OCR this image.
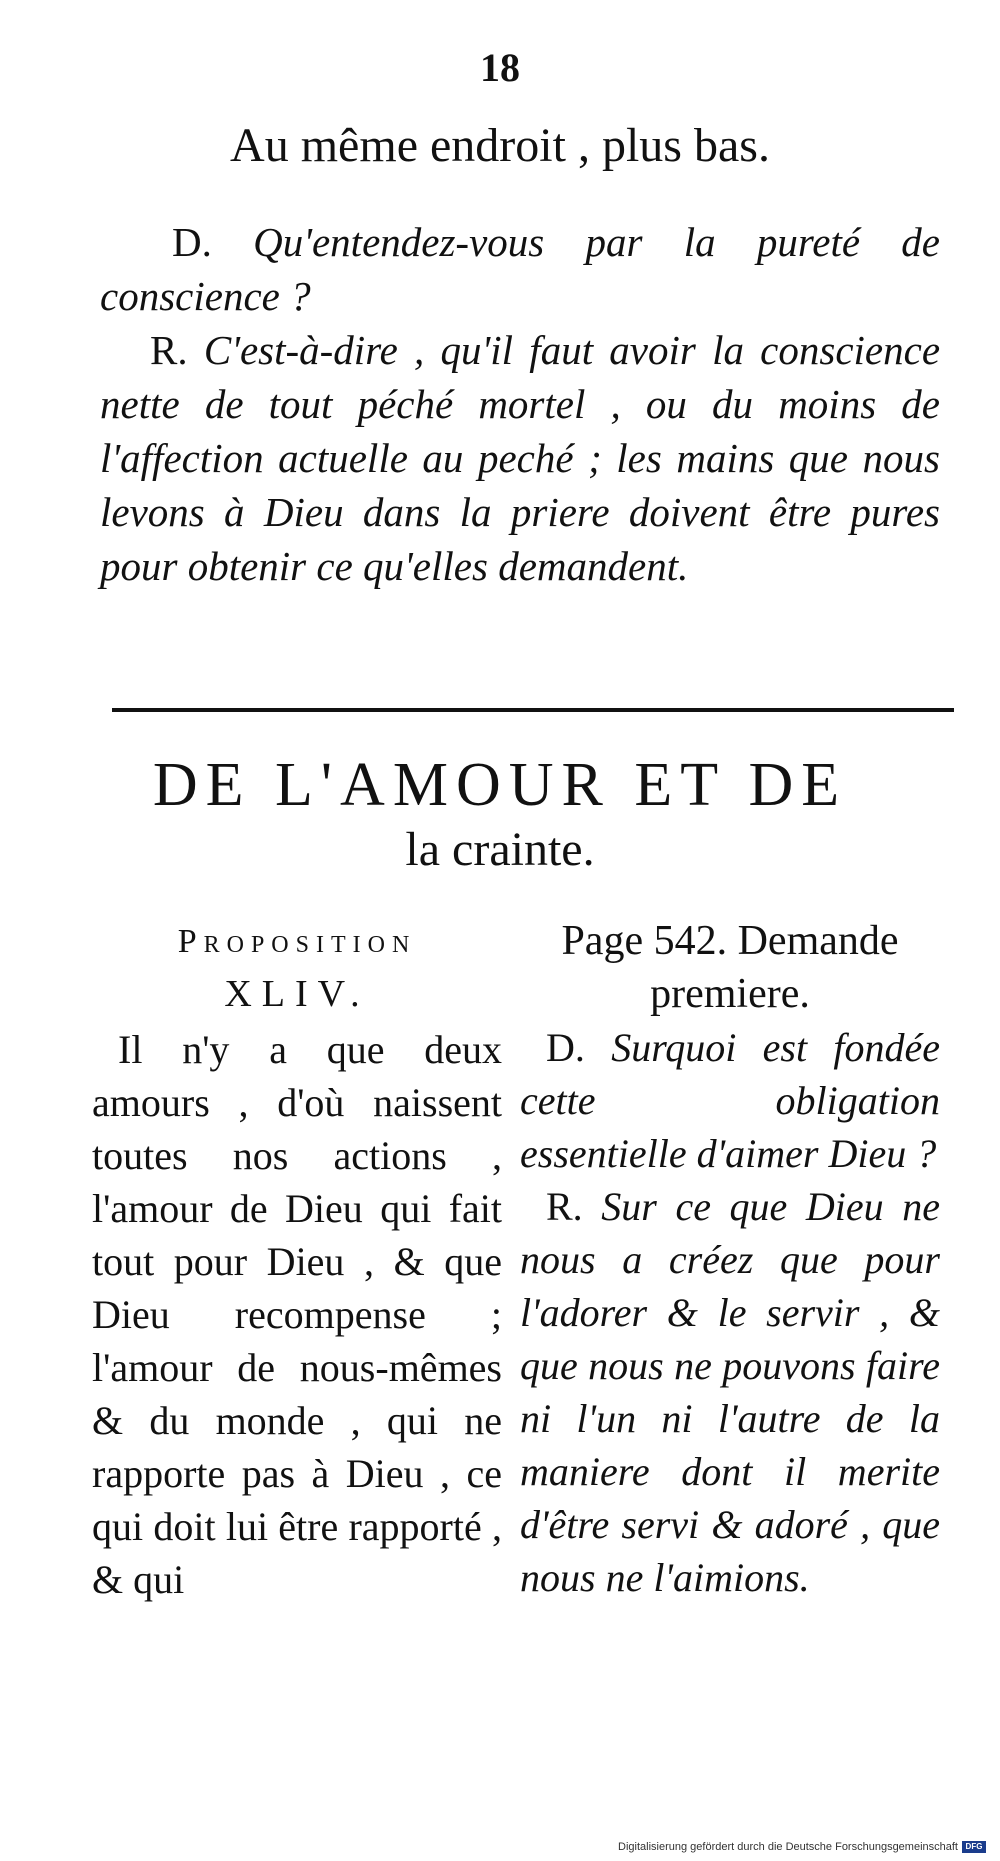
18
Au même endroit , plus bas.

D. Qu'entendez-vous par la pureté de conscience ?

R. C'est-à-dire , qu'il faut avoir la conscience nette de tout péché mortel , ou du moins de l'affection actuelle au peché ; les mains que nous levons à Dieu dans la priere doivent être pures pour obtenir ce qu'elles demandent.

DE L'AMOUR ET DE
la crainte.
Proposition
XLIV.

Il n'y a que deux amours , d'où naissent toutes nos actions , l'amour de Dieu qui fait tout pour Dieu , & que Dieu recompense ; l'amour de nous-mêmes & du monde , qui ne rapporte pas à Dieu , ce qui doit lui être rapporté , & qui

Page 542. Demande premiere.

D. Surquoi est fondée cette obligation essentielle d'aimer Dieu ?

R. Sur ce que Dieu ne nous a créez que pour l'adorer & le servir , & que nous ne pouvons faire ni l'un ni l'autre de la maniere dont il merite d'être servi & adoré , que nous ne l'aimions.

Digitalisierung gefördert durch die Deutsche Forschungsgemeinschaft DFG
